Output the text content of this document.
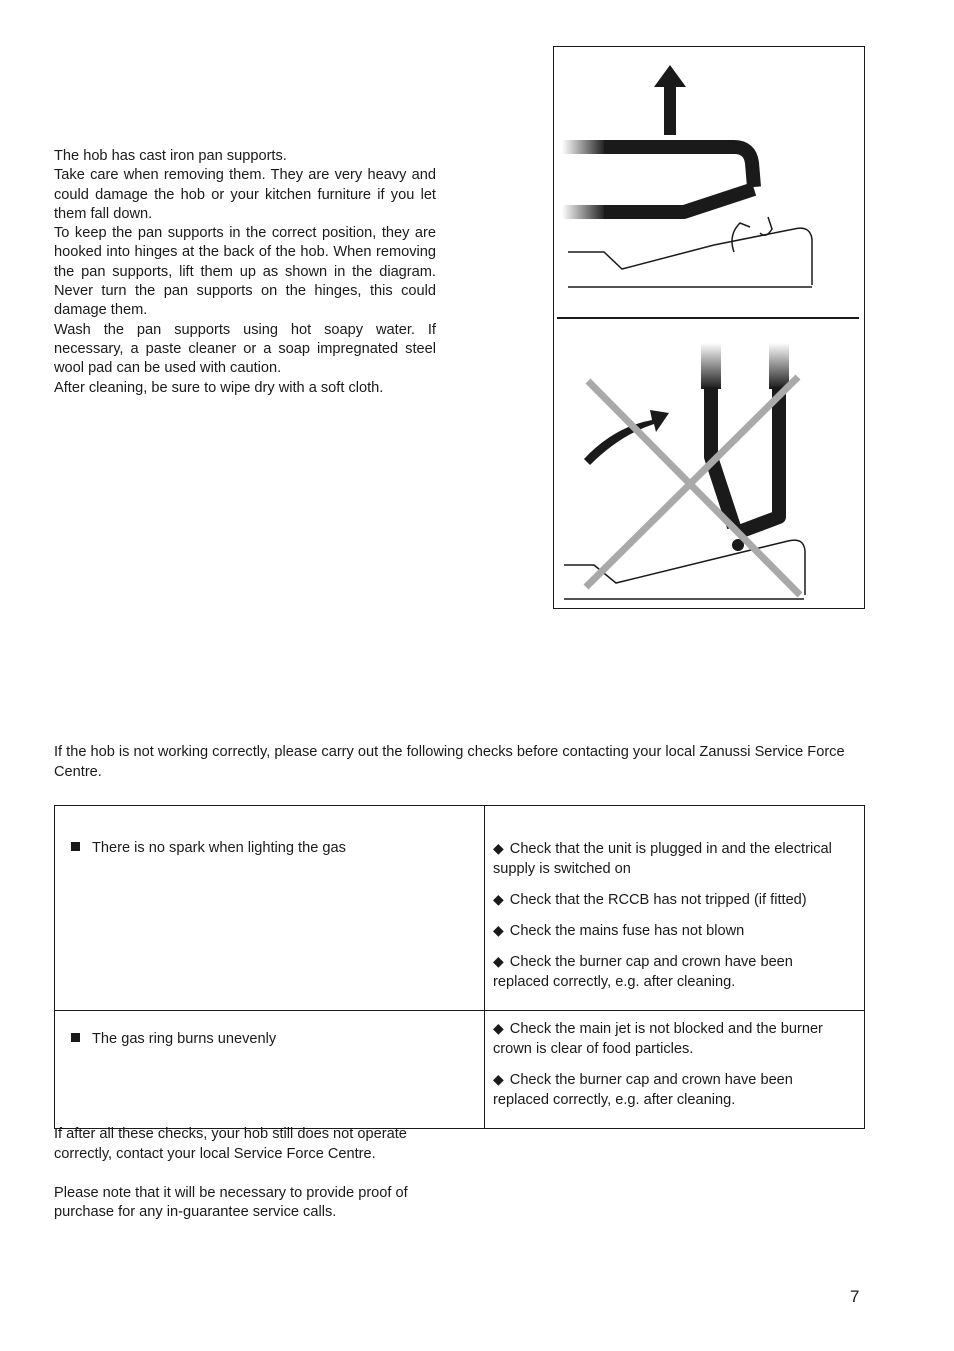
The hob has cast iron pan supports.

Take care when removing them. They are very heavy and could damage the hob or your kitchen furniture if you let them fall down.

To keep the pan supports in the correct position, they are hooked into hinges at the back of the hob. When removing the pan supports, lift them up as shown in the diagram. Never turn the pan supports on the hinges, this could damage them.

Wash the pan supports using hot soapy water. If necessary, a paste cleaner or a soap impregnated steel wool pad can be used with caution.

After cleaning, be sure to wipe dry with a soft cloth.

If the hob is not working correctly, please carry out the following checks before contacting your local Zanussi Service Force Centre.

There is no spark when lighting the gas	◆ Check that the unit is plugged in and the electrical supply is switched on
◆ Check that the RCCB has not tripped (if fitted)
◆ Check the mains fuse has not blown
◆ Check the burner cap and crown have been replaced correctly, e.g. after cleaning.

The gas ring burns unevenly	◆ Check the main jet is not blocked and the burner crown is clear of food particles.
◆ Check the burner cap and crown have been replaced correctly, e.g. after cleaning.

If after all these checks, your hob still does not operate correctly, contact your local Service Force Centre.

Please note that it will be necessary to provide proof of purchase for any in-guarantee service calls.

7
